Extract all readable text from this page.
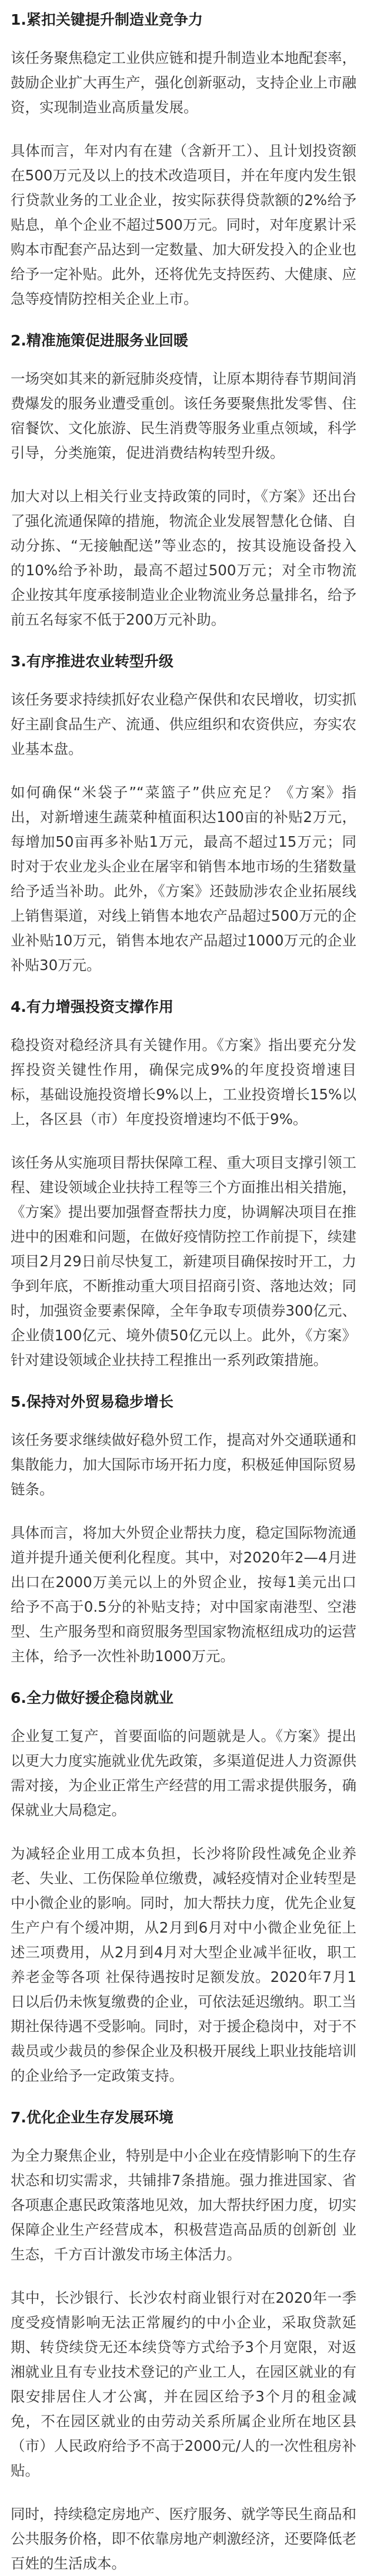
1.紧扣关键提升制造业竞争力

该任务聚焦稳定工业供应链和提升制造业本地配套率，鼓励企业扩大再生产，强化创新驱动，支持企业上市融资，实现制造业高质量发展。

具体而言，年对内有在建（含新开工）、且计划投资额在500万元及以上的技术改造项目，并在年度内发生银行贷款业务的工业企业，按实际获得贷款额的2%给予贴息，单个企业不超过500万元。同时，对年度累计采购本市配套产品达到一定数量、加大研发投入的企业也给予一定补贴。此外，还将优先支持医药、大健康、应急等疫情防控相关企业上市。

2.精准施策促进服务业回暖

一场突如其来的新冠肺炎疫情，让原本期待春节期间消费爆发的服务业遭受重创。该任务要聚焦批发零售、住宿餐饮、文化旅游、民生消费等服务业重点领域，科学引导，分类施策，促进消费结构转型升级。

加大对以上相关行业支持政策的同时，《方案》还出台了强化流通保障的措施，物流企业发展智慧化仓储、自动分拣、“无接触配送”等业态的，按其设施设备投入的10%给予补助，最高不超过500万元；对全市物流企业按其年度承接制造业企业物流业务总量排名，给予前五名每家不低于200万元补助。

3.有序推进农业转型升级

该任务要求持续抓好农业稳产保供和农民增收，切实抓好主副食品生产、流通、供应组织和农资供应，夯实农业基本盘。

如何确保“米袋子”“菜篮子”供应充足？《方案》指出，对新增速生蔬菜种植面积达100亩的补贴2万元，每增加50亩再多补贴1万元，最高不超过15万元；同时对于农业龙头企业在屠宰和销售本地市场的生猪数量给予适当补助。此外，《方案》还鼓励涉农企业拓展线上销售渠道，对线上销售本地农产品超过500万元的企业补贴10万元，销售本地农产品超过1000万元的企业补贴30万元。

4.有力增强投资支撑作用

稳投资对稳经济具有关键作用。《方案》指出要充分发挥投资关键性作用，确保完成9%的年度投资增速目标，基础设施投资增长9%以上，工业投资增长15%以上，各区县（市）年度投资增速均不低于9%。

该任务从实施项目帮扶保障工程、重大项目支撑引领工程、建设领域企业扶持工程等三个方面推出相关措施，《方案》提出要加强督查帮扶力度，协调解决项目在推进中的困难和问题，在做好疫情防控工作前提下，续建项目2月29日前尽快复工，新建项目确保按时开工，力争到年底，不断推动重大项目招商引资、落地达效；同时，加强资金要素保障，全年争取专项债券300亿元、企业债100亿元、境外债50亿元以上。此外，《方案》针对建设领域企业扶持工程推出一系列政策措施。

5.保持对外贸易稳步增长

该任务要求继续做好稳外贸工作，提高对外交通联通和集散能力，加大国际市场开拓力度，积极延伸国际贸易链条。

具体而言，将加大外贸企业帮扶力度，稳定国际物流通道并提升通关便利化程度。其中，对2020年2—4月进出口在2000万美元以上的外贸企业，按每1美元出口给予不高于0.5分的补贴支持；对中国家南港型、空港型、生产服务型和商贸服务型国家物流枢纽成功的运营主体，给予一次性补助1000万元。

6.全力做好援企稳岗就业

企业复工复产，首要面临的问题就是人。《方案》提出以更大力度实施就业优先政策，多渠道促进人力资源供需对接，为企业正常生产经营的用工需求提供服务，确保就业大局稳定。

为减轻企业用工成本负担，长沙将阶段性减免企业养老、失业、工伤保险单位缴费，减轻疫情对企业转型是中小微企业的影响。同时，加大帮扶力度，优先企业复生产户有个缓冲期，从2月到6月对中小微企业免征上述三项费用，从2月到4月对大型企业减半征收，职工养老金等各项 社保待遇按时足额发放。2020年7月1日以后仍未恢复缴费的企业，可依法延迟缴纳。职工当期社保待遇不受影响。同时，对于援企稳岗中，对于不裁员或少裁员的参保企业及积极开展线上职业技能培训的企业给予一定政策支持。

7.优化企业生存发展环境

为全力聚焦企业，特别是中小企业在疫情影响下的生存状态和切实需求，共铺排7条措施。强力推进国家、省各项惠企惠民政策落地见效，加大帮扶纾困力度，切实保障企业生产经营成本，积极营造高品质的创新创 业生态，千方百计激发市场主体活力。

其中，长沙银行、长沙农村商业银行对在2020年一季度受疫情影响无法正常履约的中小企业，采取贷款延期、转贷续贷无还本续贷等方式给予3个月宽限，对返湘就业且有专业技术登记的产业工人，在园区就业的有限安排居住人才公寓，并在园区给予3个月的租金减免，不在园区就业的由劳动关系所属企业所在地区县（市）人民政府给予不高于2000元/人的一次性租房补贴。

同时，持续稳定房地产、医疗服务、就学等民生商品和公共服务价格，即不依靠房地产刺激经济，还要降低老百姓的生活成本。
